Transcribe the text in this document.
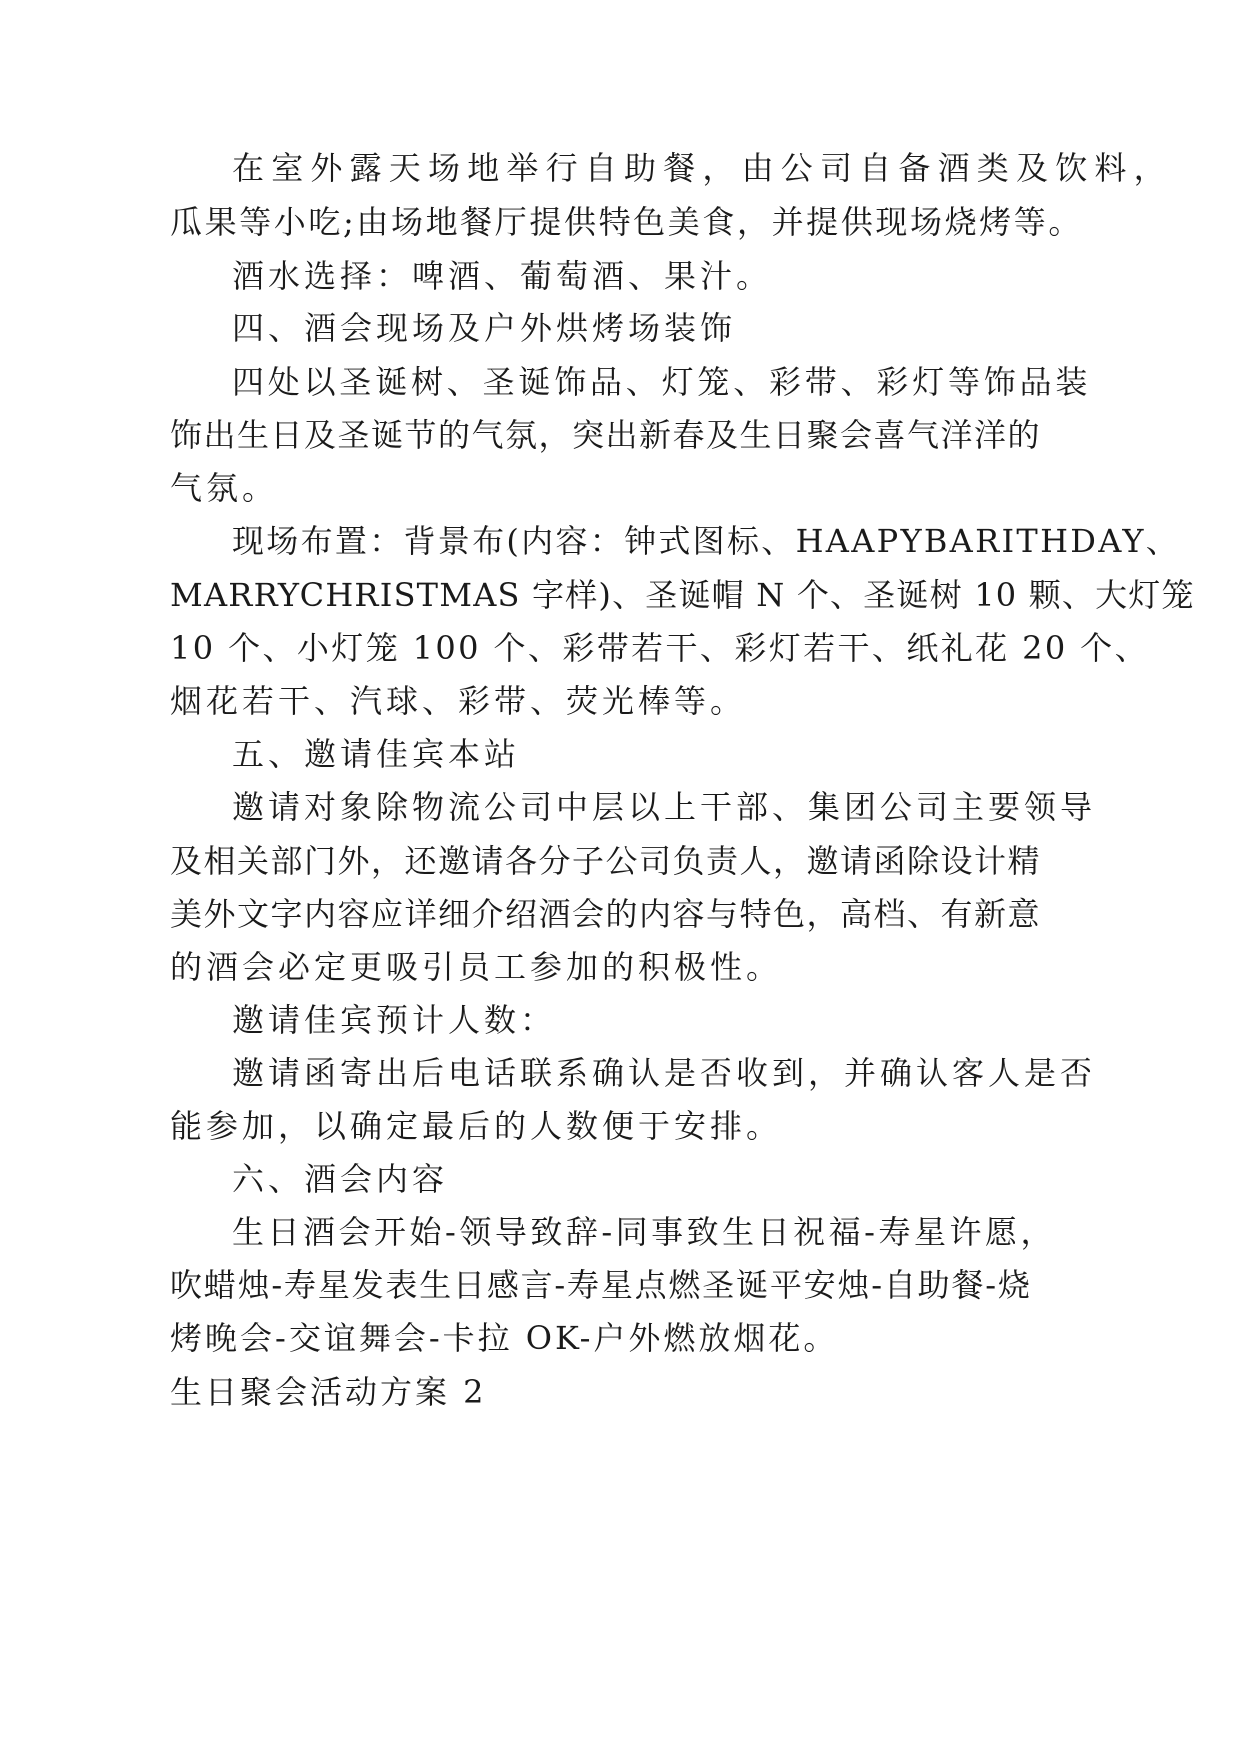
在室外露天场地举行自助餐，由公司自备酒类及饮料，
瓜果等小吃;由场地餐厅提供特色美食，并提供现场烧烤等。
酒水选择：啤酒、葡萄酒、果汁。
四、酒会现场及户外烘烤场装饰
四处以圣诞树、圣诞饰品、灯笼、彩带、彩灯等饰品装
饰出生日及圣诞节的气氛，突出新春及生日聚会喜气洋洋的
气氛。
现场布置：背景布(内容：钟式图标、HAAPYBARITHDAY、
MARRYCHRISTMAS 字样)、圣诞帽 N 个、圣诞树 10 颗、大灯笼
10 个、小灯笼 100 个、彩带若干、彩灯若干、纸礼花 20 个、
烟花若干、汽球、彩带、荧光棒等。
五、邀请佳宾本站
邀请对象除物流公司中层以上干部、集团公司主要领导
及相关部门外，还邀请各分子公司负责人，邀请函除设计精
美外文字内容应详细介绍酒会的内容与特色，高档、有新意
的酒会必定更吸引员工参加的积极性。
邀请佳宾预计人数：
邀请函寄出后电话联系确认是否收到，并确认客人是否
能参加，以确定最后的人数便于安排。
六、酒会内容
生日酒会开始-领导致辞-同事致生日祝福-寿星许愿，
吹蜡烛-寿星发表生日感言-寿星点燃圣诞平安烛-自助餐-烧
烤晚会-交谊舞会-卡拉 OK-户外燃放烟花。
生日聚会活动方案 2
